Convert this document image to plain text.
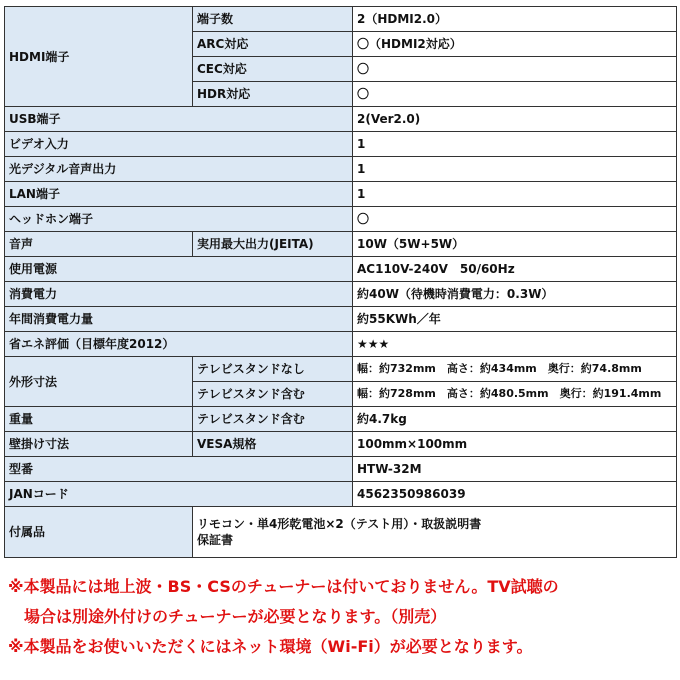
HDMI端子	端子数	2（HDMI2.0）
	ARC対応	〇（HDMI2対応）
	CEC対応	〇
	HDR対応	〇
USB端子		2(Ver2.0)
ビデオ入力		1
光デジタル音声出力		1
LAN端子		1
ヘッドホン端子		〇
音声	実用最大出力(JEITA)	10W（5W+5W）
使用電源		AC110V-240V　50/60Hz
消費電力		約40W（待機時消費電力：0.3W）
年間消費電力量		約55KWh／年
省エネ評価（目標年度2012）		★★★
外形寸法	テレビスタンドなし	幅：約732mm　高さ：約434mm　奥行：約74.8mm
	テレビスタンド含む	幅：約728mm　高さ：約480.5mm　奥行：約191.4mm
重量	テレビスタンド含む	約4.7kg
壁掛け寸法	VESA規格	100mm×100mm
型番		HTW-32M
JANコード		4562350986039
付属品	リモコン・単4形乾電池×2（テスト用）・取扱説明書
保証書	
※本製品には地上波・BS・CSのチューナーは付いておりません。TV試聴の
場合は別途外付けのチューナーが必要となります。（別売）
※本製品をお使いいただくにはネット環境（Wi-Fi）が必要となります。
